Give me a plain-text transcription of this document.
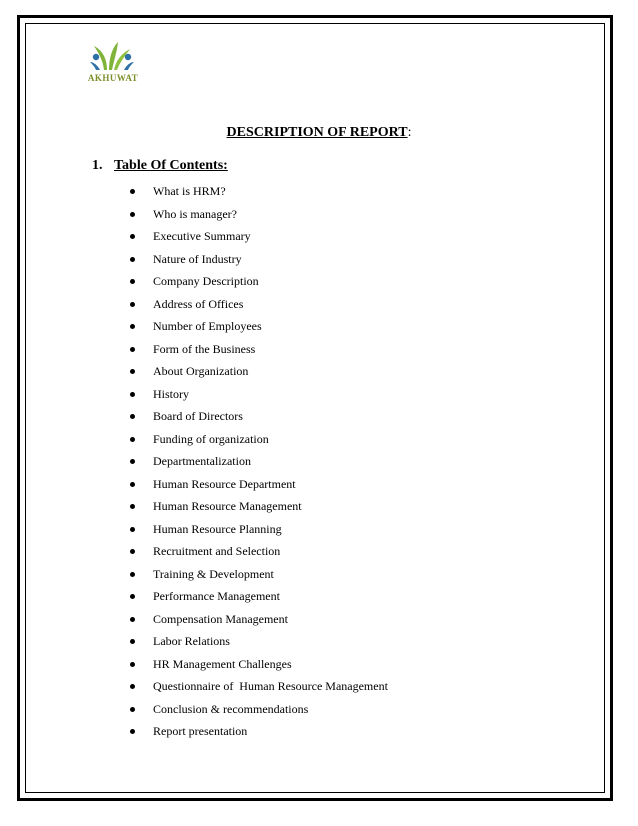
AKHUWAT
DESCRIPTION OF REPORT:
1. Table Of Contents:
What is HRM?
Who is manager?
Executive Summary
Nature of Industry
Company Description
Address of Offices
Number of Employees
Form of the Business
About Organization
History
Board of Directors
Funding of organization
Departmentalization
Human Resource Department
Human Resource Management
Human Resource Planning
Recruitment and Selection
Training & Development
Performance Management
Compensation Management
Labor Relations
HR Management Challenges
Questionnaire of  Human Resource Management
Conclusion & recommendations
Report presentation
